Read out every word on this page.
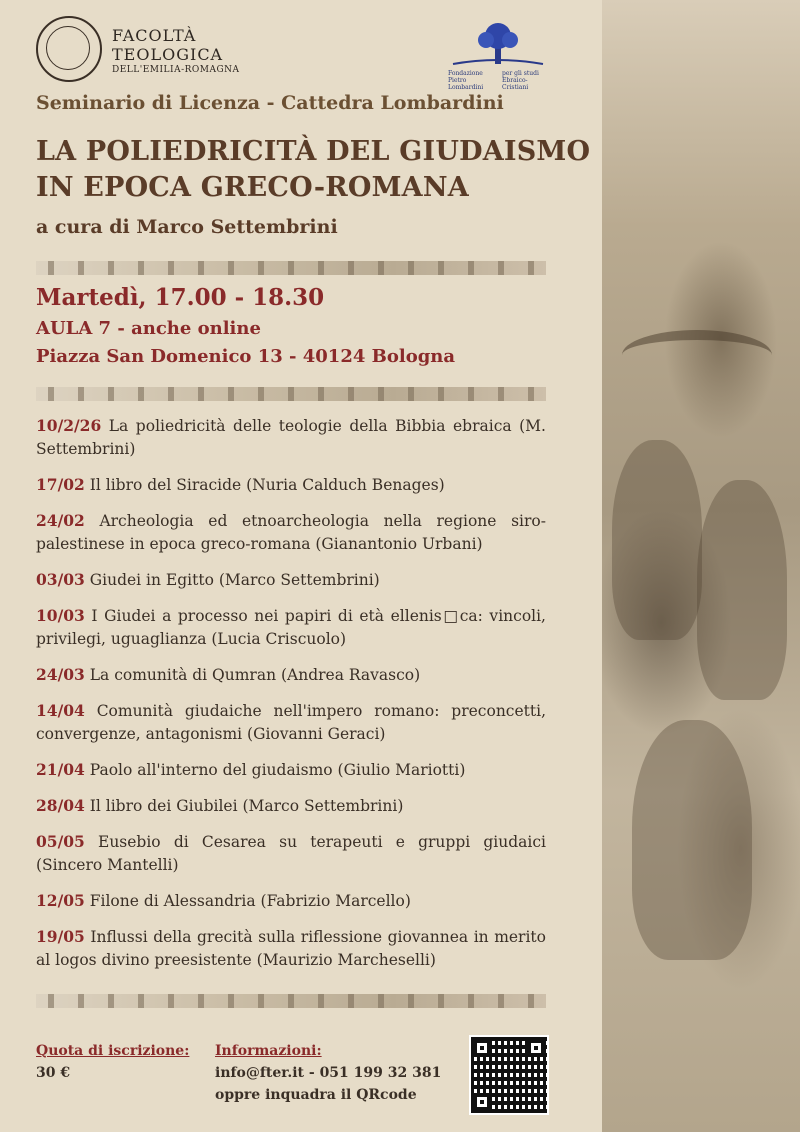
FACOLTÀ
TEOLOGICA
DELL'EMILIA-ROMAGNA	Fondazione Pietro Lombardini
per gli studi Ebraico-Cristiani
Seminario di Licenza - Cattedra Lombardini
LA POLIEDRICITÀ DEL GIUDAISMO
IN EPOCA GRECO-ROMANA
a cura di Marco Settembrini
Martedì, 17.00 - 18.30
AULA 7 - anche online
Piazza San Domenico 13 - 40124 Bologna
10/2/26 La poliedricità delle teologie della Bibbia ebraica (M. Settembrini)
17/02 Il libro del Siracide (Nuria Calduch Benages)
24/02 Archeologia ed etnoarcheologia nella regione siro-palestinese in epoca greco-romana (Gianantonio Urbani)
03/03 Giudei in Egitto (Marco Settembrini)
10/03 I Giudei a processo nei papiri di età ellenis□ca: vincoli, privilegi, uguaglianza (Lucia Criscuolo)
24/03 La comunità di Qumran (Andrea Ravasco)
14/04 Comunità giudaiche nell'impero romano: preconcetti, convergenze, antagonismi (Giovanni Geraci)
21/04 Paolo all'interno del giudaismo (Giulio Mariotti)
28/04 Il libro dei Giubilei (Marco Settembrini)
05/05 Eusebio di Cesarea su terapeuti e gruppi giudaici (Sincero Mantelli)
12/05 Filone di Alessandria (Fabrizio Marcello)
19/05 Influssi della grecità sulla riflessione giovannea in merito al logos divino preesistente (Maurizio Marcheselli)
Quota di iscrizione:
30 €
Informazioni:
info@fter.it - 051 199 32 381
oppre inquadra il QRcode
